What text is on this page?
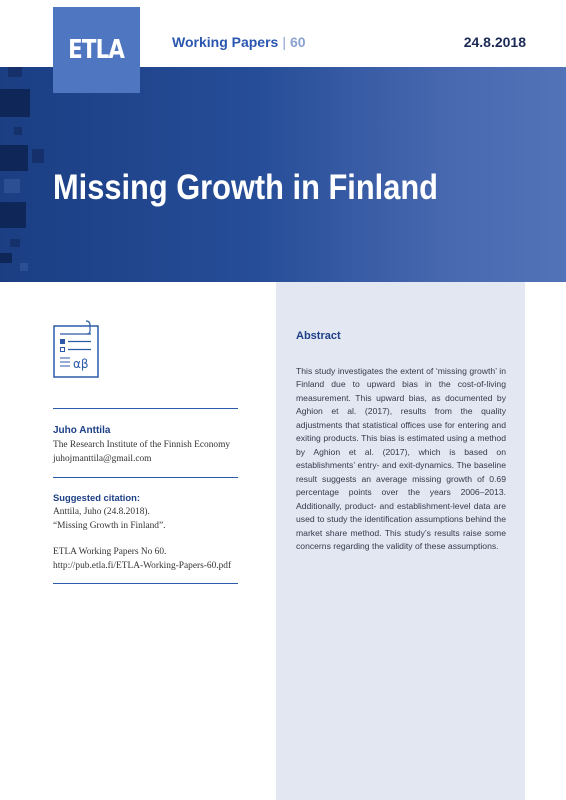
ETLA	Working Papers | 60	24.8.2018
Missing Growth in Finland
αβ
Juho Anttila
The Research Institute of the Finnish Economy
juhojmanttila@gmail.com
Suggested citation:
Anttila, Juho (24.8.2018).
“Missing Growth in Finland”.
ETLA Working Papers No 60.
http://pub.etla.fi/ETLA-Working-Papers-60.pdf
Abstract

This study investigates the extent of ‘missing growth’ in Finland due to upward bias in the cost-of-living measurement. This upward bias, as documented by Aghion et al. (2017), results from the quality adjustments that statistical offices use for entering and exiting products. This bias is estimated using a method by Aghion et al. (2017), which is based on establishments’ entry- and exit-dynamics. The baseline result suggests an average missing growth of 0.69 percentage points over the years 2006–2013. Additionally, product- and establishment-level data are used to study the identification assumptions behind the market share method. This study’s results raise some concerns regarding the validity of these assumptions.
